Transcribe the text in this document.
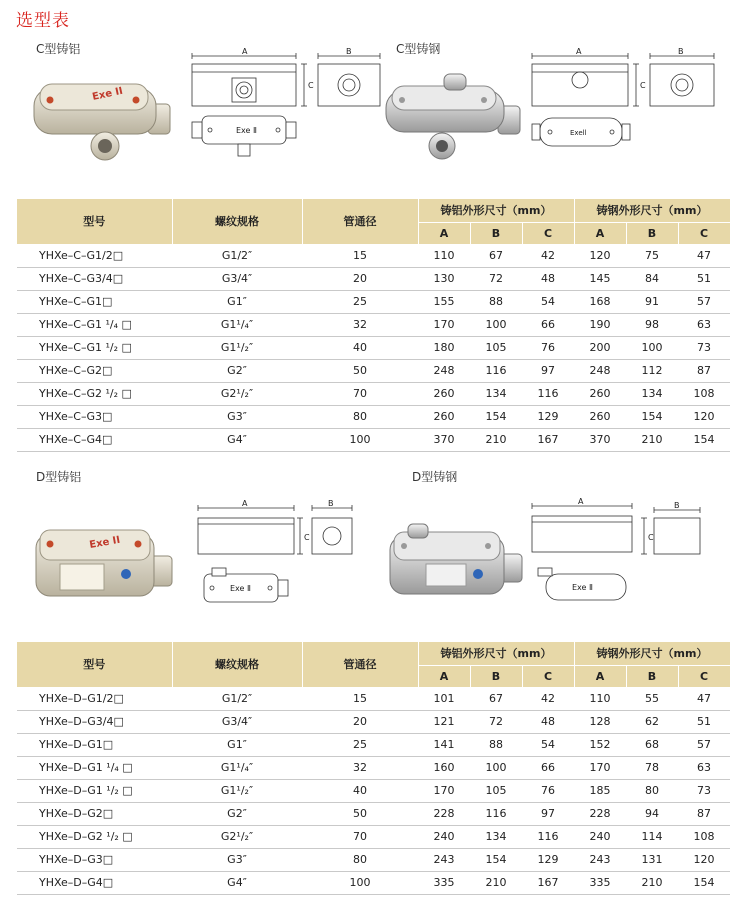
选型表
C型铸铝	C型铸钢
Exe II
A
C
B
Exe Ⅱ
A
C
B
Exell
型号	螺纹规格	管通径	铸铝外形尺寸（mm）			铸钢外形尺寸（mm）		
			A	B	C	A	B	C
YHXe–C–G1/2□	G1/2″	15	110	67	42	120	75	47
YHXe–C–G3/4□	G3/4″	20	130	72	48	145	84	51
YHXe–C–G1□	G1″	25	155	88	54	168	91	57
YHXe–C–G1 ¹/₄ □	G1¹/₄″	32	170	100	66	190	98	63
YHXe–C–G1 ¹/₂ □	G1¹/₂″	40	180	105	76	200	100	73
YHXe–C–G2□	G2″	50	248	116	97	248	112	87
YHXe–C–G2 ¹/₂ □	G2¹/₂″	70	260	134	116	260	134	108
YHXe–C–G3□	G3″	80	260	154	129	260	154	120
YHXe–C–G4□	G4″	100	370	210	167	370	210	154
D型铸铝	D型铸钢
Exe II
A
C
B
Exe Ⅱ
A
C
B
Exe Ⅱ
型号	螺纹规格	管通径	铸铝外形尺寸（mm）			铸钢外形尺寸（mm）		
			A	B	C	A	B	C
YHXe–D–G1/2□	G1/2″	15	101	67	42	110	55	47
YHXe–D–G3/4□	G3/4″	20	121	72	48	128	62	51
YHXe–D–G1□	G1″	25	141	88	54	152	68	57
YHXe–D–G1 ¹/₄ □	G1¹/₄″	32	160	100	66	170	78	63
YHXe–D–G1 ¹/₂ □	G1¹/₂″	40	170	105	76	185	80	73
YHXe–D–G2□	G2″	50	228	116	97	228	94	87
YHXe–D–G2 ¹/₂ □	G2¹/₂″	70	240	134	116	240	114	108
YHXe–D–G3□	G3″	80	243	154	129	243	131	120
YHXe–D–G4□	G4″	100	335	210	167	335	210	154
